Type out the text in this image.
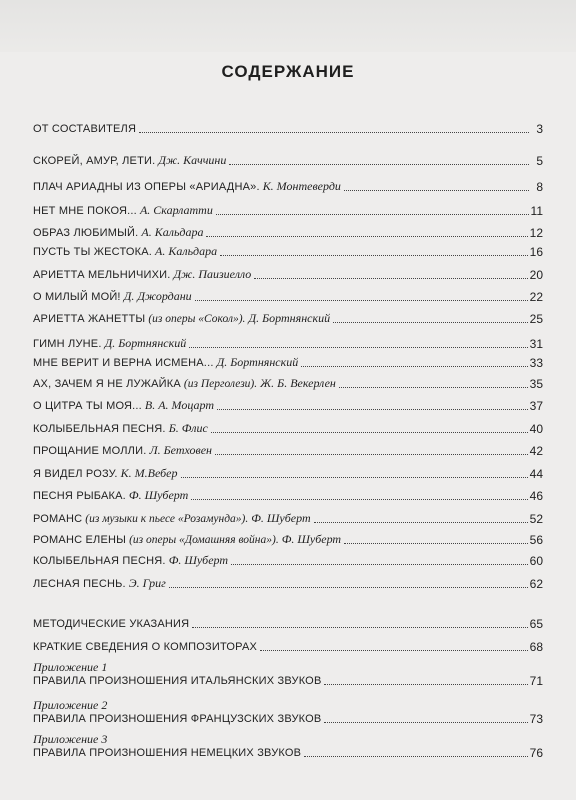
СОДЕРЖАНИЕ
ОТ СОСТАВИТЕЛЯ	3
СКОРЕЙ, АМУР, ЛЕТИ. Дж. Каччини	5
ПЛАЧ АРИАДНЫ ИЗ ОПЕРЫ «АРИАДНА». К. Монтеверди	8
НЕТ МНЕ ПОКОЯ... А. Скарлатти	11
ОБРАЗ ЛЮБИМЫЙ. А. Кальдара	12
ПУСТЬ ТЫ ЖЕСТОКА. А. Кальдара	16
АРИЕТТА МЕЛЬНИЧИХИ. Дж. Паизиелло	20
О МИЛЫЙ МОЙ! Д. Джордани	22
АРИЕТТА ЖАНЕТТЫ (из оперы «Сокол»). Д. Бортнянский	25
ГИМН ЛУНЕ. Д. Бортнянский	31
МНЕ ВЕРИТ И ВЕРНА ИСМЕНА... Д. Бортнянский	33
АХ, ЗАЧЕМ Я НЕ ЛУЖАЙКА (из Перголези). Ж. Б. Векерлен	35
О ЦИТРА ТЫ МОЯ... В. А. Моцарт	37
КОЛЫБЕЛЬНАЯ ПЕСНЯ. Б. Флис	40
ПРОЩАНИЕ МОЛЛИ. Л. Бетховен	42
Я ВИДЕЛ РОЗУ. К. М.Вебер	44
ПЕСНЯ РЫБАКА. Ф. Шуберт	46
РОМАНС (из музыки к пьесе «Розамунда»). Ф. Шуберт	52
РОМАНС ЕЛЕНЫ (из оперы «Домашняя война»). Ф. Шуберт	56
КОЛЫБЕЛЬНАЯ ПЕСНЯ. Ф. Шуберт	60
ЛЕСНАЯ ПЕСНЬ. Э. Григ	62
МЕТОДИЧЕСКИЕ УКАЗАНИЯ	65
КРАТКИЕ СВЕДЕНИЯ О КОМПОЗИТОРАХ	68
Приложение 1
ПРАВИЛА ПРОИЗНОШЕНИЯ ИТАЛЬЯНСКИХ ЗВУКОВ	71
Приложение 2
ПРАВИЛА ПРОИЗНОШЕНИЯ ФРАНЦУЗСКИХ ЗВУКОВ	73
Приложение 3
ПРАВИЛА ПРОИЗНОШЕНИЯ НЕМЕЦКИХ ЗВУКОВ	76
